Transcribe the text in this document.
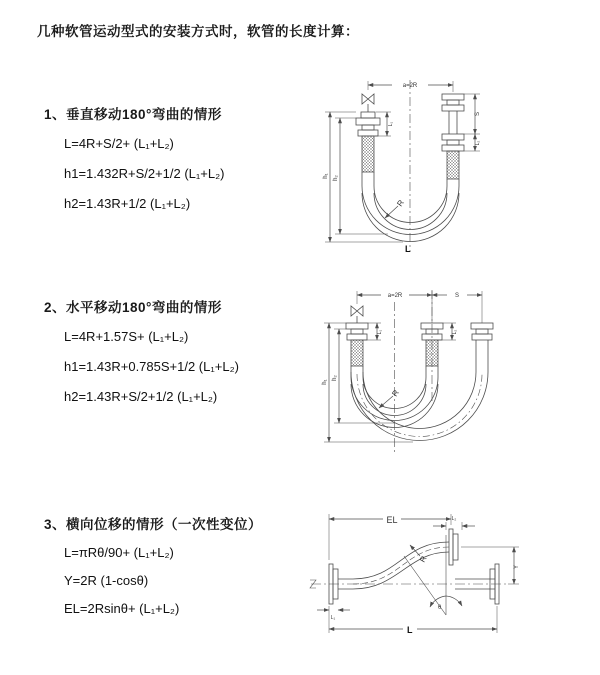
几种软管运动型式的安装方式时，软管的长度计算：
1、垂直移动180°弯曲的情形
L=4R+S/2+ (L₁+L₂)
h1=1.432R+S/2+1/2 (L₁+L₂)
h2=1.43R+1/2 (L₁+L₂)
2、水平移动180°弯曲的情形
L=4R+1.57S+ (L₁+L₂)
h1=1.43R+0.785S+1/2 (L₁+L₂)
h2=1.43R+S/2+1/2 (L₁+L₂)
3、横向位移的情形（一次性变位）
L=πRθ/90+ (L₁+L₂)
Y=2R (1-cosθ)
EL=2Rsinθ+ (L₁+L₂)
a=2R
L₁
S
L₂
h₁ h₂
R
L
a=2R	S
L₁	L₂
h₁
h₂
R
EL	L₂
Y
L
L₁
R
θ
